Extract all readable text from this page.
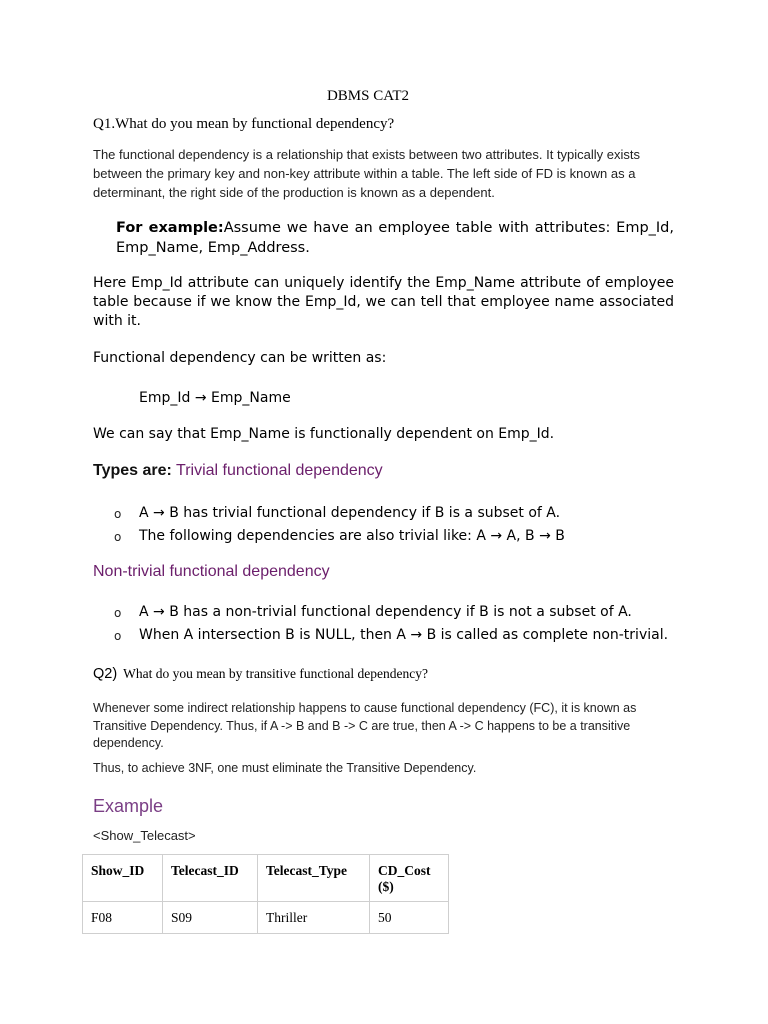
DBMS CAT2
Q1.What do you mean by functional dependency?
The functional dependency is a relationship that exists between two attributes. It typically exists between the primary key and non-key attribute within a table. The left side of FD is known as a determinant, the right side of the production is known as a dependent.
For example:Assume we have an employee table with attributes: Emp_Id, Emp_Name, Emp_Address.
Here Emp_Id attribute can uniquely identify the Emp_Name attribute of employee table because if we know the Emp_Id, we can tell that employee name associated with it.
Functional dependency can be written as:
Emp_Id → Emp_Name
We can say that Emp_Name is functionally dependent on Emp_Id.
Types are: Trivial functional dependency
o A → B has trivial functional dependency if B is a subset of A.
o The following dependencies are also trivial like: A → A, B → B
Non-trivial functional dependency
o A → B has a non-trivial functional dependency if B is not a subset of A.
o When A intersection B is NULL, then A → B is called as complete non-trivial.
Q2) What do you mean by transitive functional dependency?
Whenever some indirect relationship happens to cause functional dependency (FC), it is known as Transitive Dependency. Thus, if A -> B and B -> C are true, then A -> C happens to be a transitive dependency.
Thus, to achieve 3NF, one must eliminate the Transitive Dependency.
Example
<Show_Telecast>
Show_ID	Telecast_ID	Telecast_Type	CD_Cost ($)
F08	S09	Thriller	50
